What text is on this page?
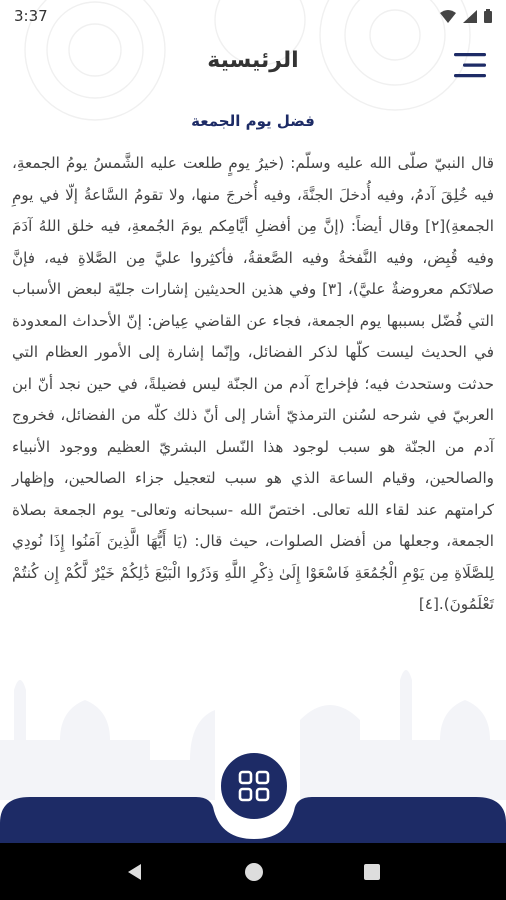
3:37
الرئيسية
فضل يوم الجمعة

قال النبيّ صلّى الله عليه وسلّم: (خيرُ يومٍ طلعت عليه الشَّمسُ يومُ الجمعةِ، فيه خُلِقَ آدمُ، وفيه أُدخلَ الجنَّةَ، وفيه أُخرجَ منها، ولا تقومُ السَّاعةُ إلّا في يومِ الجمعةِ)[٢] وقال أيضاً: (إنَّ مِن أفضلِ أيَّامِكم يومَ الجُمعةِ، فيه خلق اللهُ آدَمَ وفيه قُبِض، وفيه النَّفخةُ وفيه الصَّعقةُ، فأكثِروا عليَّ مِن الصَّلاةِ فيه، فإنَّ صلاتَكم معروضةٌ عليَّ)، [٣] وفي هذين الحديثين إشارات جليّة لبعض الأسباب التي فُضّل بسببها يوم الجمعة، فجاء عن القاضي عِياض: إنّ الأحداث المعدودة في الحديث ليست كلّها لذكر الفضائل، وإنّما إشارة إلى الأمور العظام التي حدثت وستحدث فيه؛ فإخراج آدم من الجنّة ليس فضيلةً، في حين نجد أنّ ابن العربيّ في شرحه لسُنن الترمذيّ أشار إلى أنّ ذلك كلّه من الفضائل، فخروج آدم من الجنّة هو سبب لوجود هذا النّسل البشريّ العظيم ووجود الأنبياء والصالحين، وقيام الساعة الذي هو سبب لتعجيل جزاء الصالحين، وإظهار كرامتهم عند لقاء الله تعالى. اختصّ الله -سبحانه وتعالى- يوم الجمعة بصلاة الجمعة، وجعلها من أفضل الصلوات، حيث قال: (يَا أَيُّهَا الَّذِينَ آمَنُوا إِذَا نُودِي لِلصَّلَاةِ مِن يَوْمِ الْجُمُعَةِ فَاسْعَوْا إِلَىٰ ذِكْرِ اللَّهِ وَذَرُوا الْبَيْعَ ذَٰلِكُمْ خَيْرٌ لَّكُمْ إِن كُنتُمْ تَعْلَمُونَ).[٤]
